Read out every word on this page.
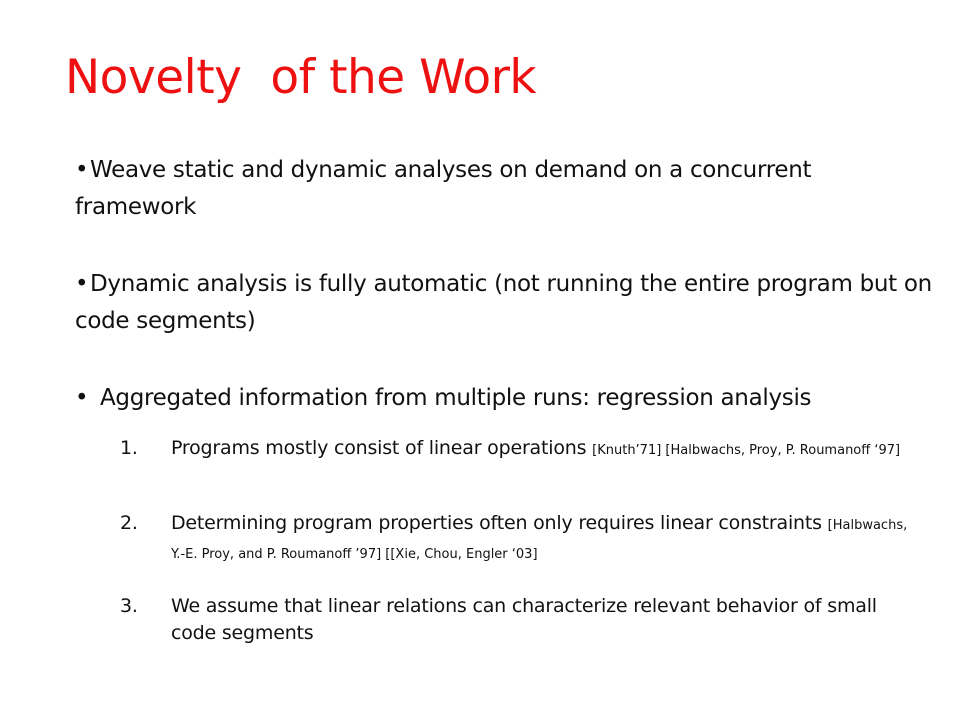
Novelty  of the Work
•Weave static and dynamic analyses on demand on a concurrent framework
•Dynamic analysis is fully automatic (not running the entire program but on code segments)
• Aggregated information from multiple runs: regression analysis
1.	Programs mostly consist of linear operations [Knuth’71] [Halbwachs, Proy, P. Roumanoff ‘97]
2.	Determining program properties often only requires linear constraints [Halbwachs, Y.-E. Proy, and P. Roumanoff ’97] [[Xie, Chou, Engler ‘03]
3.	We assume that linear relations can characterize relevant behavior of small code segments
